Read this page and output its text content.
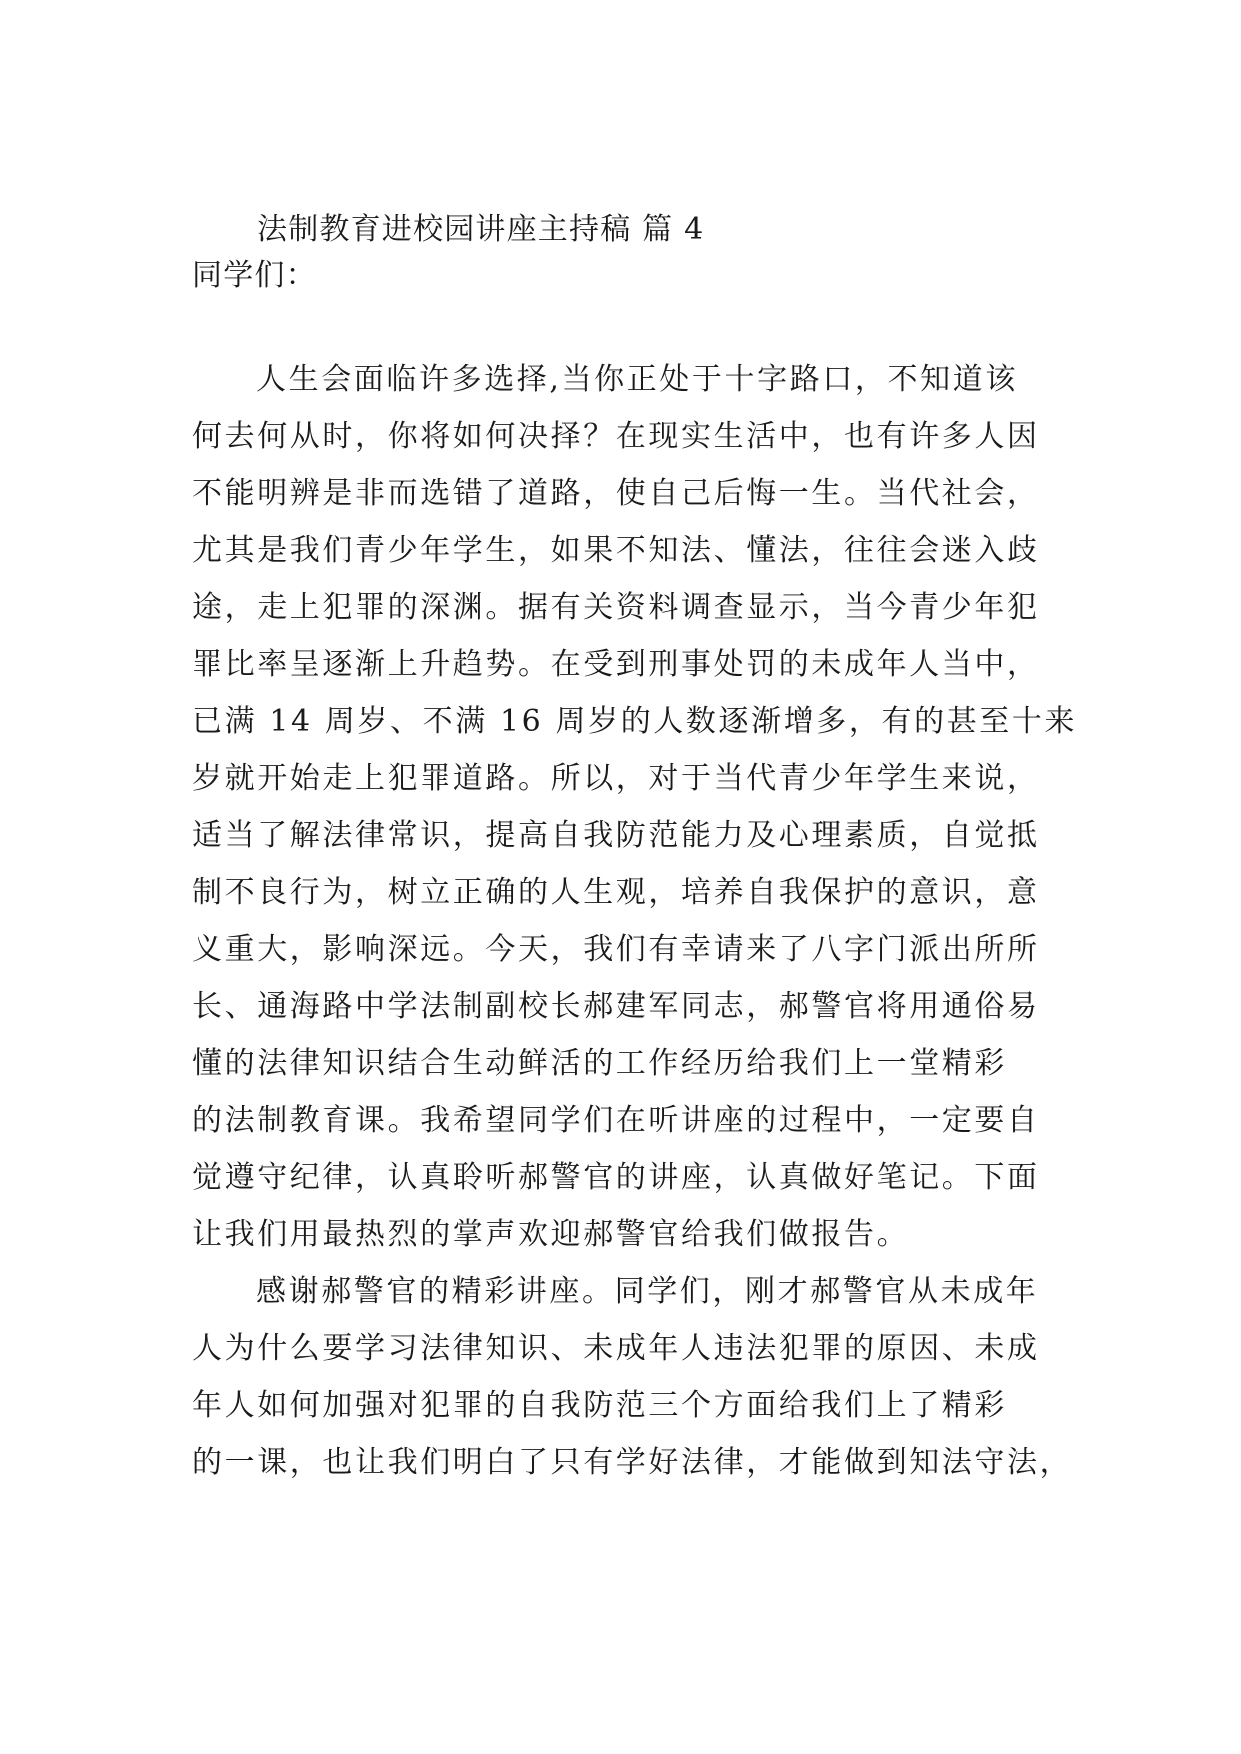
法制教育进校园讲座主持稿 篇 4
同学们：
人生会面临许多选择,当你正处于十字路口，不知道该
何去何从时，你将如何决择？在现实生活中，也有许多人因
不能明辨是非而选错了道路，使自己后悔一生。当代社会，
尤其是我们青少年学生，如果不知法、懂法，往往会迷入歧
途，走上犯罪的深渊。据有关资料调查显示，当今青少年犯
罪比率呈逐渐上升趋势。在受到刑事处罚的未成年人当中，
已满 14 周岁、不满 16 周岁的人数逐渐增多，有的甚至十来
岁就开始走上犯罪道路。所以，对于当代青少年学生来说，
适当了解法律常识，提高自我防范能力及心理素质，自觉抵
制不良行为，树立正确的人生观，培养自我保护的意识，意
义重大，影响深远。今天，我们有幸请来了八字门派出所所
长、通海路中学法制副校长郝建军同志，郝警官将用通俗易
懂的法律知识结合生动鲜活的工作经历给我们上一堂精彩
的法制教育课。我希望同学们在听讲座的过程中，一定要自
觉遵守纪律，认真聆听郝警官的讲座，认真做好笔记。下面
让我们用最热烈的掌声欢迎郝警官给我们做报告。
感谢郝警官的精彩讲座。同学们，刚才郝警官从未成年
人为什么要学习法律知识、未成年人违法犯罪的原因、未成
年人如何加强对犯罪的自我防范三个方面给我们上了精彩
的一课，也让我们明白了只有学好法律，才能做到知法守法，
